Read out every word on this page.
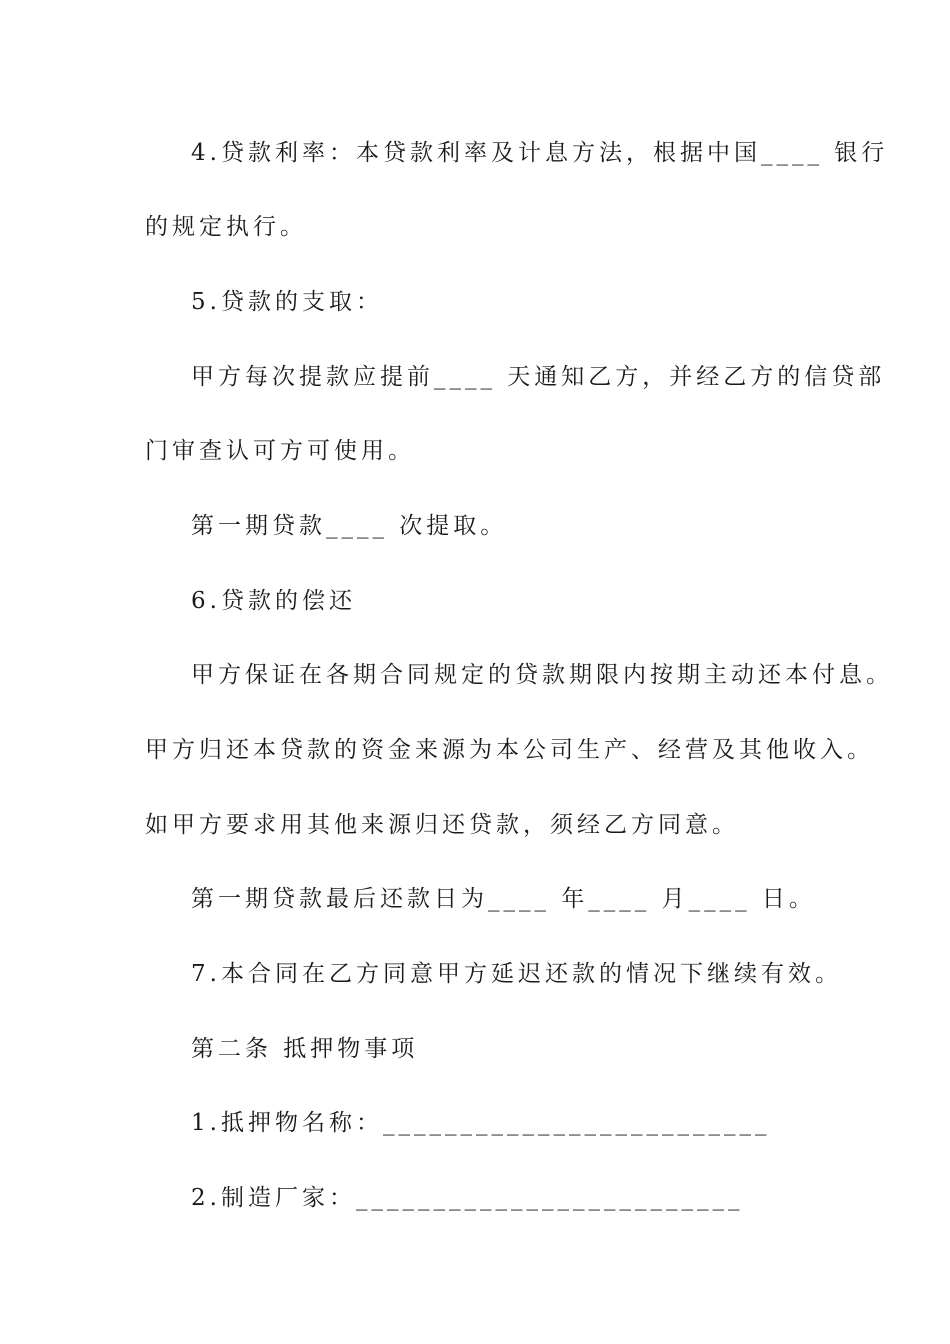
4.贷款利率：本贷款利率及计息方法，根据中国____ 银行
的规定执行。
5.贷款的支取：
甲方每次提款应提前____ 天通知乙方，并经乙方的信贷部
门审查认可方可使用。
第一期贷款____ 次提取。
6.贷款的偿还
甲方保证在各期合同规定的贷款期限内按期主动还本付息。
甲方归还本贷款的资金来源为本公司生产、经营及其他收入。
如甲方要求用其他来源归还贷款，须经乙方同意。
第一期贷款最后还款日为____ 年____ 月____ 日。
7.本合同在乙方同意甲方延迟还款的情况下继续有效。
第二条 抵押物事项
1.抵押物名称：_________________________
2.制造厂家：_________________________
